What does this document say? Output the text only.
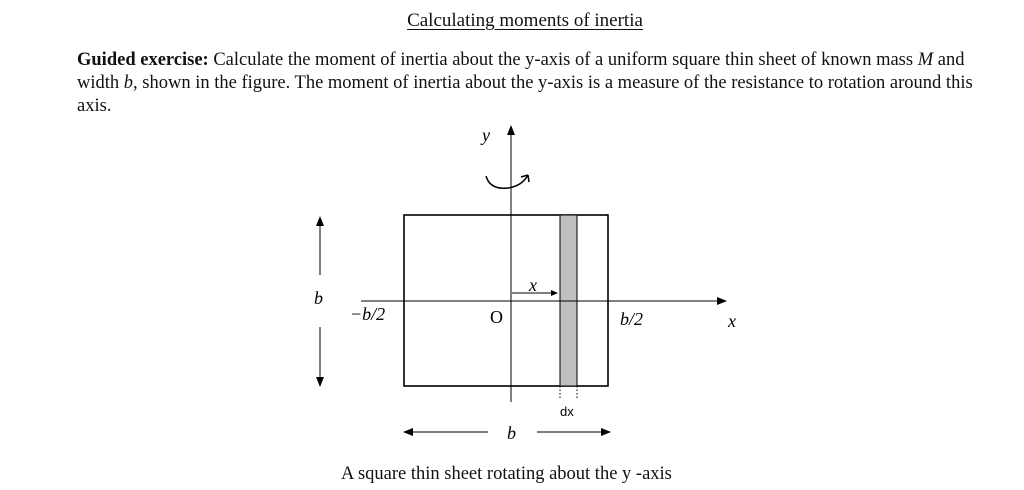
Calculating moments of inertia

Guided exercise: Calculate the moment of inertia about the y-axis of a uniform square thin sheet of known mass M and width b, shown in the figure. The moment of inertia about the y-axis is a measure of the resistance to rotation around this axis.

y
x
O
−b/2	b/2
x
dx
b
b
A square thin sheet rotating about the y -axis
